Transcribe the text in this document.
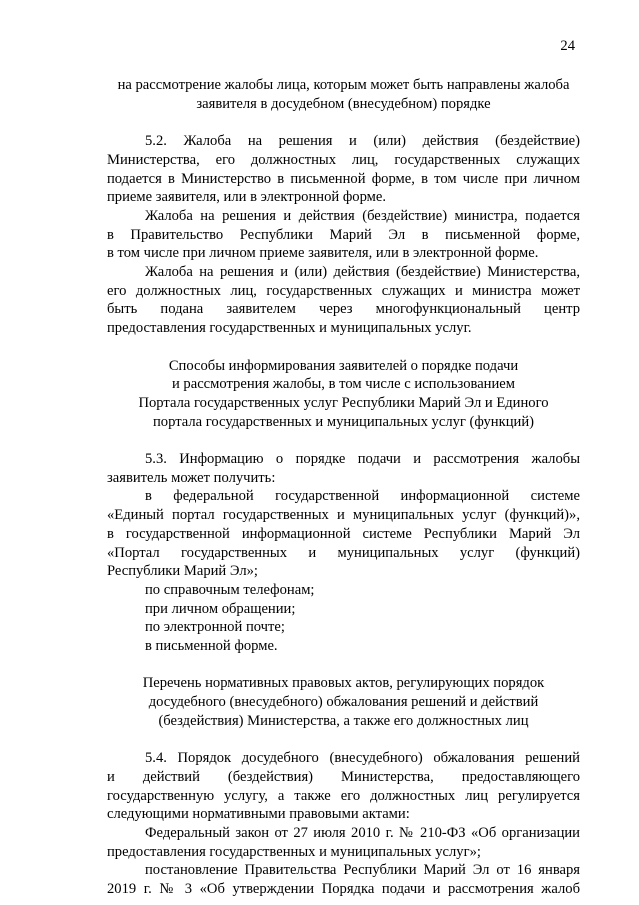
24

на рассмотрение жалобы лица, которым может быть направлены жалоба

заявителя в досудебном (внесудебном) порядке

5.2. Жалоба на решения и (или) действия (бездействие)

Министерства, его должностных лиц, государственных служащих

подается в Министерство в письменной форме, в том числе при личном

приеме заявителя, или в электронной форме.

Жалоба на решения и действия (бездействие) министра, подается

в Правительство Республики Марий Эл в письменной форме,

в том числе при личном приеме заявителя, или в электронной форме.

Жалоба на решения и (или) действия (бездействие) Министерства,

его должностных лиц, государственных служащих и министра может

быть подана заявителем через многофункциональный центр

предоставления государственных и муниципальных услуг.

Способы информирования заявителей о порядке подачи

и рассмотрения жалобы, в том числе с использованием

Портала государственных услуг Республики Марий Эл и Единого

портала государственных и муниципальных услуг (функций)

5.3. Информацию о порядке подачи и рассмотрения жалобы

заявитель может получить:

в федеральной государственной информационной системе

«Единый портал государственных и муниципальных услуг (функций)»,

в государственной информационной системе Республики Марий Эл

«Портал государственных и муниципальных услуг (функций)

Республики Марий Эл»;

по справочным телефонам;

при личном обращении;

по электронной почте;

в письменной форме.

Перечень нормативных правовых актов, регулирующих порядок

досудебного (внесудебного) обжалования решений и действий

(бездействия) Министерства, а также его должностных лиц

5.4. Порядок досудебного (внесудебного) обжалования решений

и действий (бездействия) Министерства, предоставляющего

государственную услугу, а также его должностных лиц регулируется

следующими нормативными правовыми актами:

Федеральный закон от 27 июля 2010 г. № 210-ФЗ «Об организации

предоставления государственных и муниципальных услуг»;

постановление Правительства Республики Марий Эл от 16 января

2019 г. № 3 «Об утверждении Порядка подачи и рассмотрения жалоб
